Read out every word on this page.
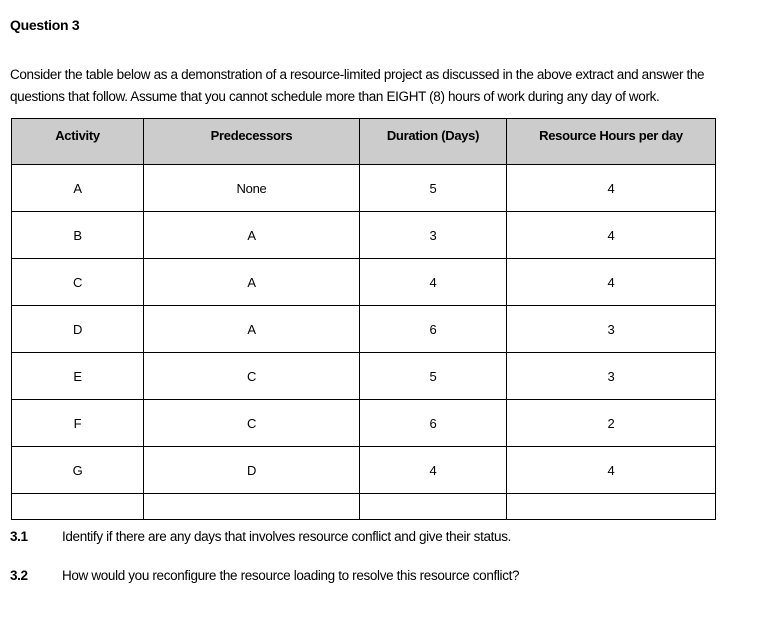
Question 3
Consider the table below as a demonstration of a resource-limited project as discussed in the above extract and answer the
questions that follow. Assume that you cannot schedule more than EIGHT (8) hours of work during any day of work.
Activity	Predecessors	Duration (Days)	Resource Hours per day
A	None	5	4
B	A	3	4
C	A	4	4
D	A	6	3
E	C	5	3
F	C	6	2
G	D	4	4

3.1	Identify if there are any days that involves resource conflict and give their status.
3.2	How would you reconfigure the resource loading to resolve this resource conflict?
